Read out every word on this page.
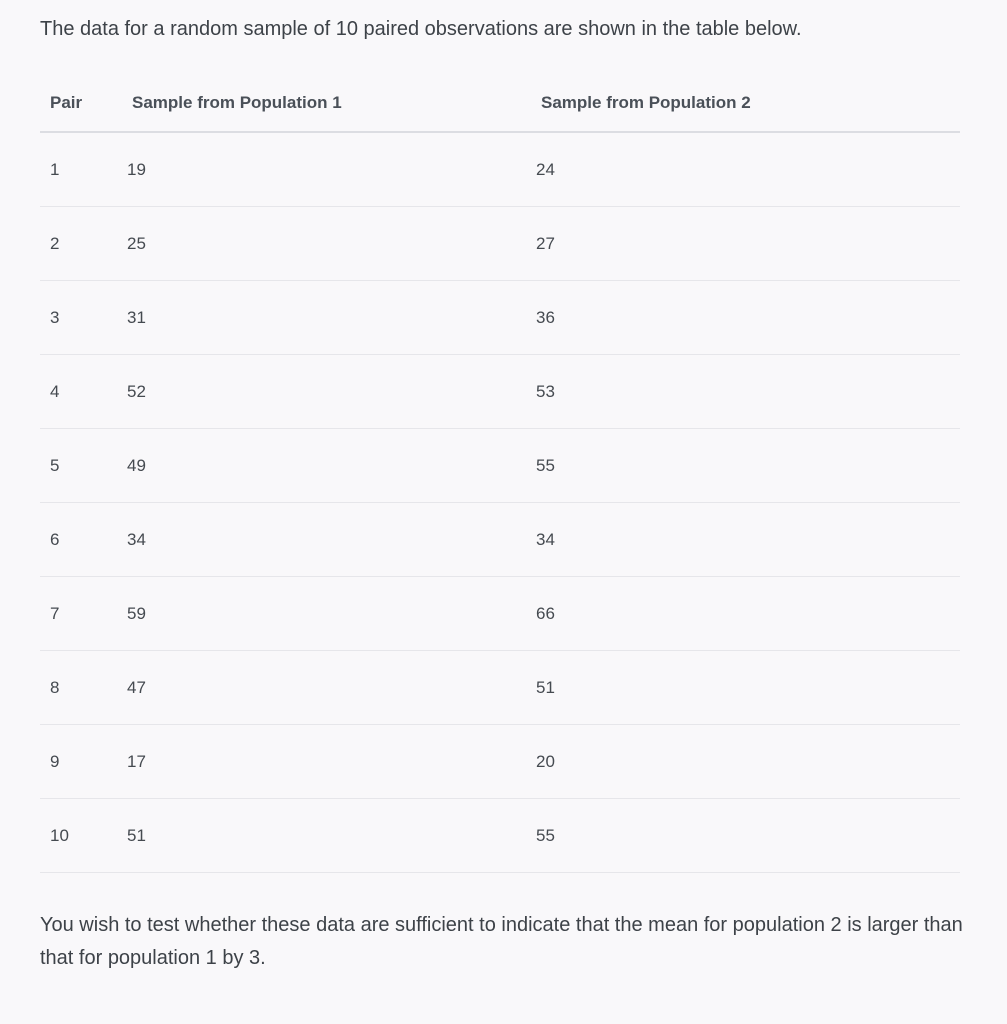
The data for a random sample of 10 paired observations are shown in the table below.
Pair	Sample from Population 1	Sample from Population 2
1	19	24
2	25	27
3	31	36
4	52	53
5	49	55
6	34	34
7	59	66
8	47	51
9	17	20
10	51	55
You wish to test whether these data are sufficient to indicate that the mean for population 2 is larger than that for population 1 by 3.
